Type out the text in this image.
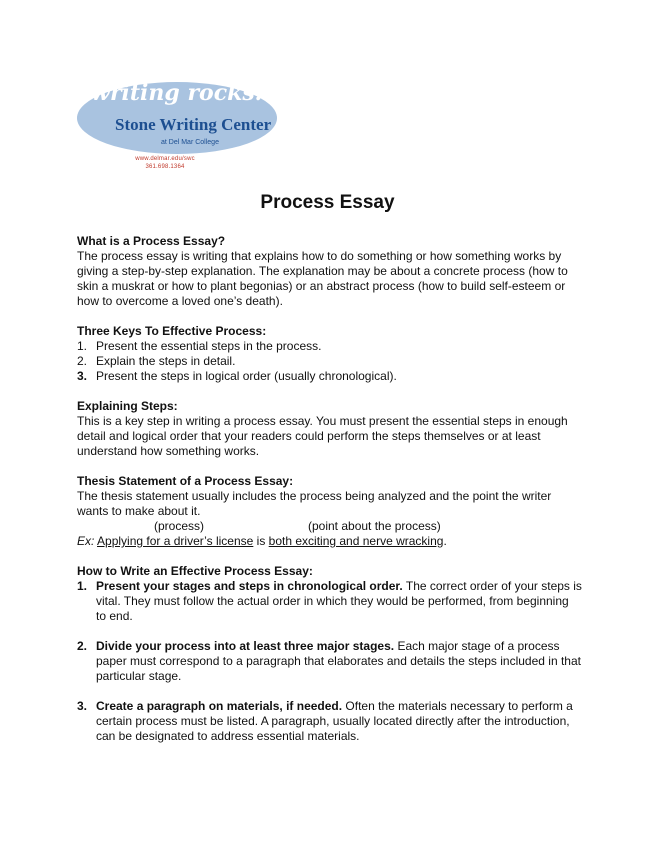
writing rocks!
Stone Writing Center
at Del Mar College
www.delmar.edu/swc
361.698.1364
Process Essay
What is a Process Essay?

The process essay is writing that explains how to do something or how something works by giving a step-by-step explanation. The explanation may be about a concrete process (how to skin a muskrat or how to plant begonias) or an abstract process (how to build self-esteem or how to overcome a loved one’s death).

Three Keys To Effective Process:
1. Present the essential steps in the process.
2. Explain the steps in detail.
3. Present the steps in logical order (usually chronological).
Explaining Steps:

This is a key step in writing a process essay. You must present the essential steps in enough detail and logical order that your readers could perform the steps themselves or at least understand how something works.

Thesis Statement of a Process Essay:

The thesis statement usually includes the process being analyzed and the point the writer wants to make about it.

(process)	(point about the process)
Ex: Applying for a driver’s license is both exciting and nerve wracking.
How to Write an Effective Process Essay:
1. Present your stages and steps in chronological order. The correct order of your steps is vital. They must follow the actual order in which they would be performed, from beginning to end.
2. Divide your process into at least three major stages. Each major stage of a process paper must correspond to a paragraph that elaborates and details the steps included in that particular stage.
3. Create a paragraph on materials, if needed. Often the materials necessary to perform a certain process must be listed. A paragraph, usually located directly after the introduction, can be designated to address essential materials.
